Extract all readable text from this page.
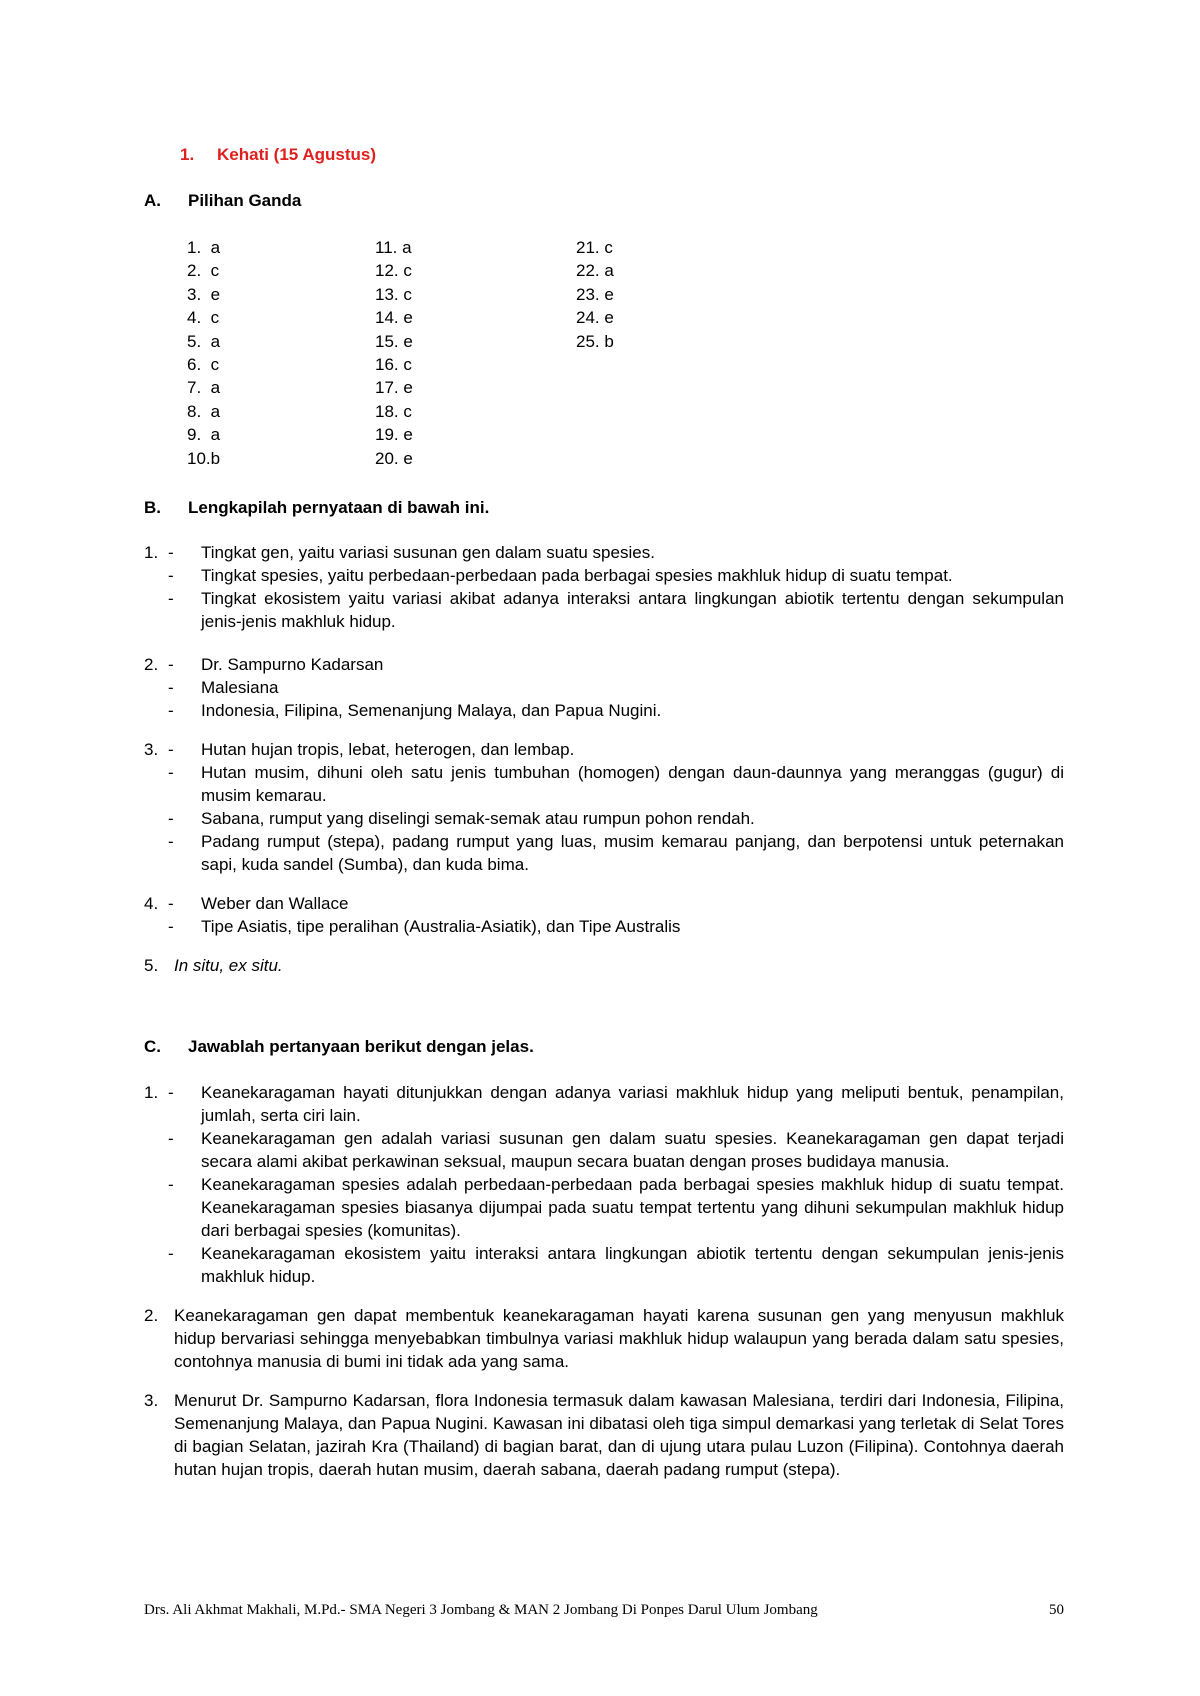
1. Kehati (15 Agustus)
A. Pilihan Ganda
1.  a
2.  c
3.  e
4.  c
5.  a
6.  c
7.  a
8.  a
9.  a
10.b
11. a
12. c
13. c
14. e
15. e
16. c
17. e
18. c
19. e
20. e
21. c
22. a
23. e
24. e
25. b
B. Lengkapilah pernyataan di bawah ini.
1. - Tingkat gen, yaitu variasi susunan gen dalam suatu spesies.
- Tingkat spesies, yaitu perbedaan-perbedaan pada berbagai spesies makhluk hidup di suatu tempat.
- Tingkat ekosistem yaitu variasi akibat adanya interaksi antara lingkungan abiotik tertentu dengan sekumpulan jenis-jenis makhluk hidup.
2. - Dr. Sampurno Kadarsan
- Malesiana
- Indonesia, Filipina, Semenanjung Malaya, dan Papua Nugini.
3. - Hutan hujan tropis, lebat, heterogen, dan lembap.
- Hutan musim, dihuni oleh satu jenis tumbuhan (homogen) dengan daun-daunnya yang meranggas (gugur) di musim kemarau.
- Sabana, rumput yang diselingi semak-semak atau rumpun pohon rendah.
- Padang rumput (stepa), padang rumput yang luas, musim kemarau panjang, dan berpotensi untuk peternakan sapi, kuda sandel (Sumba), dan kuda bima.
4. - Weber dan Wallace
- Tipe Asiatis, tipe peralihan (Australia-Asiatik), dan Tipe Australis
5. In situ, ex situ.
C. Jawablah pertanyaan berikut dengan jelas.
1. - Keanekaragaman hayati ditunjukkan dengan adanya variasi makhluk hidup yang meliputi bentuk, penampilan, jumlah, serta ciri lain.
- Keanekaragaman gen adalah variasi susunan gen dalam suatu spesies. Keanekaragaman gen dapat terjadi secara alami akibat perkawinan seksual, maupun secara buatan dengan proses budidaya manusia.
- Keanekaragaman spesies adalah perbedaan-perbedaan pada berbagai spesies makhluk hidup di suatu tempat. Keanekaragaman spesies biasanya dijumpai pada suatu tempat tertentu yang dihuni sekumpulan makhluk hidup dari berbagai spesies (komunitas).
- Keanekaragaman ekosistem yaitu interaksi antara lingkungan abiotik tertentu dengan sekumpulan jenis-jenis makhluk hidup.
2. Keanekaragaman gen dapat membentuk keanekaragaman hayati karena susunan gen yang menyusun makhluk hidup bervariasi sehingga menyebabkan timbulnya variasi makhluk hidup walaupun yang berada dalam satu spesies, contohnya manusia di bumi ini tidak ada yang sama.
3. Menurut Dr. Sampurno Kadarsan, flora Indonesia termasuk dalam kawasan Malesiana, terdiri dari Indonesia, Filipina, Semenanjung Malaya, dan Papua Nugini. Kawasan ini dibatasi oleh tiga simpul demarkasi yang terletak di Selat Tores di bagian Selatan, jazirah Kra (Thailand) di bagian barat, dan di ujung utara pulau Luzon (Filipina). Contohnya daerah hutan hujan tropis, daerah hutan musim, daerah sabana, daerah padang rumput (stepa).
Drs. Ali Akhmat Makhali, M.Pd.- SMA Negeri 3 Jombang & MAN 2 Jombang Di Ponpes Darul Ulum Jombang	50
